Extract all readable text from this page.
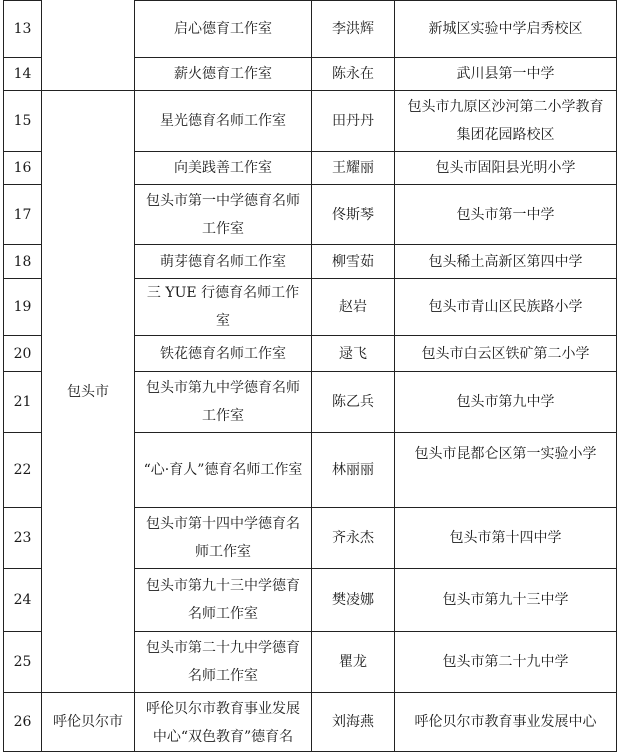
13		启心德育工作室	李洪辉	新城区实验中学启秀校区
14		薪火德育工作室	陈永在	武川县第一中学
15	包头市	星光德育名师工作室	田丹丹	包头市九原区沙河第二小学教育集团花园路校区
16		向美践善工作室	王耀丽	包头市固阳县光明小学
17		包头市第一中学德育名师工作室	佟斯琴	包头市第一中学
18		萌芽德育名师工作室	柳雪茹	包头稀土高新区第四中学
19		三 YUE 行德育名师工作室	赵岩	包头市青山区民族路小学
20		铁花德育名师工作室	逯飞	包头市白云区铁矿第二小学
21		包头市第九中学德育名师工作室	陈乙兵	包头市第九中学
22		“心·育人”德育名师工作室	林丽丽	包头市昆都仑区第一实验小学
23		包头市第十四中学德育名师工作室	齐永杰	包头市第十四中学
24		包头市第九十三中学德育名师工作室	樊凌娜	包头市第九十三中学
25		包头市第二十九中学德育名师工作室	瞿龙	包头市第二十九中学
26	呼伦贝尔市	呼伦贝尔市教育事业发展中心“双色教育”德育名	刘海燕	呼伦贝尔市教育事业发展中心
